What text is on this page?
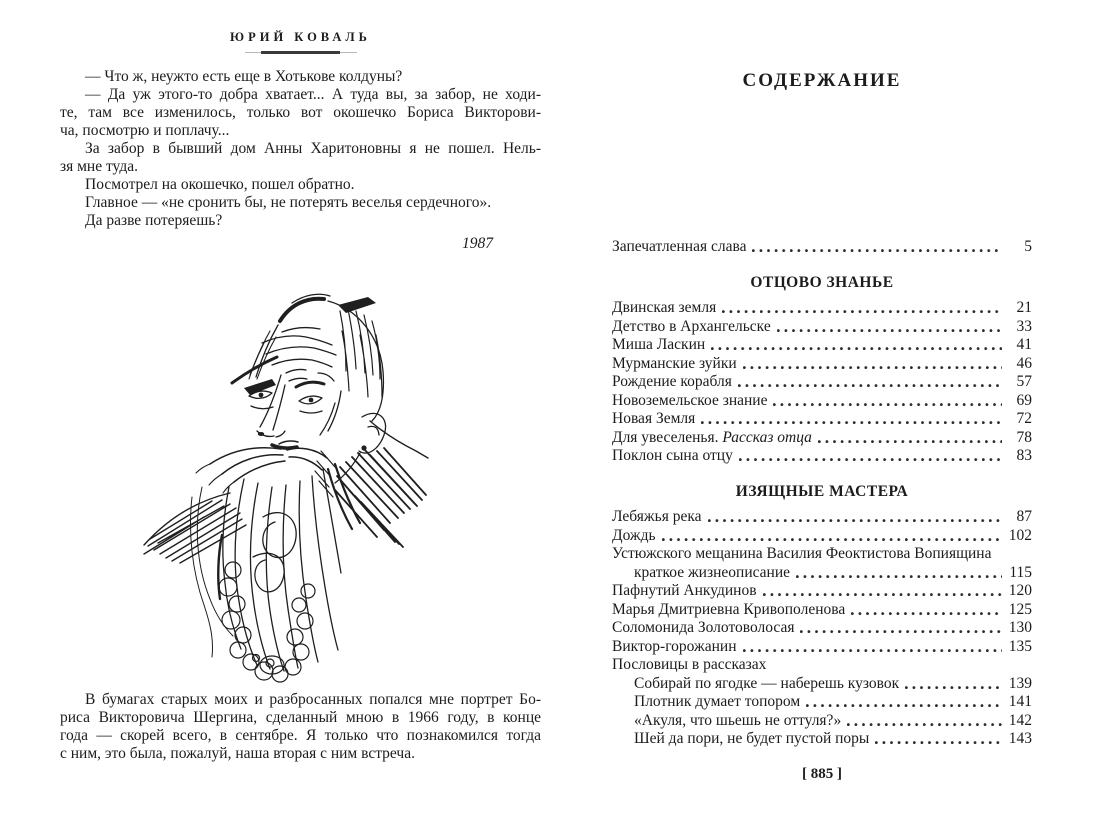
ЮРИЙ КОВАЛЬ
— Что ж, неужто есть еще в Хотькове колдуны?
— Да уж этого-то добра хватает... А туда вы, за забор, не ходи-
те, там все изменилось, только вот окошечко Бориса Викторови-
ча, посмотрю и поплачу...
За забор в бывший дом Анны Харитоновны я не пошел. Нель-
зя мне туда.
Посмотрел на окошечко, пошел обратно.
Главное — «не сронить бы, не потерять веселья сердечного».
Да разве потеряешь?
1987
В бумагах старых моих и разбросанных попался мне портрет Бо-
риса Викторовича Шергина, сделанный мною в 1966 году, в конце
года — скорей всего, в сентябре. Я только что познакомился тогда
с ним, это была, пожалуй, наша вторая с ним встреча.
СОДЕРЖАНИЕ
Запечатленная слава	5
ОТЦОВО ЗНАНЬЕ
Двинская земля	21
Детство в Архангельске	33
Миша Ласкин	41
Мурманские зуйки	46
Рождение корабля	57
Новоземельское знание	69
Новая Земля	72
Для увеселенья. Рассказ отца	78
Поклон сына отцу	83
ИЗЯЩНЫЕ МАСТЕРА
Лебяжья река	87
Дождь	102
Устюжского мещанина Василия Феоктистова Вопиящина
краткое жизнеописание	115
Пафнутий Анкудинов	120
Марья Дмитриевна Кривополенова	125
Соломонида Золотоволосая	130
Виктор-горожанин	135
Пословицы в рассказах
Собирай по ягодке — наберешь кузовок	139
Плотник думает топором	141
«Акуля, что шьешь не оттуля?»	142
Шей да пори, не будет пустой поры	143
[ 885 ]
